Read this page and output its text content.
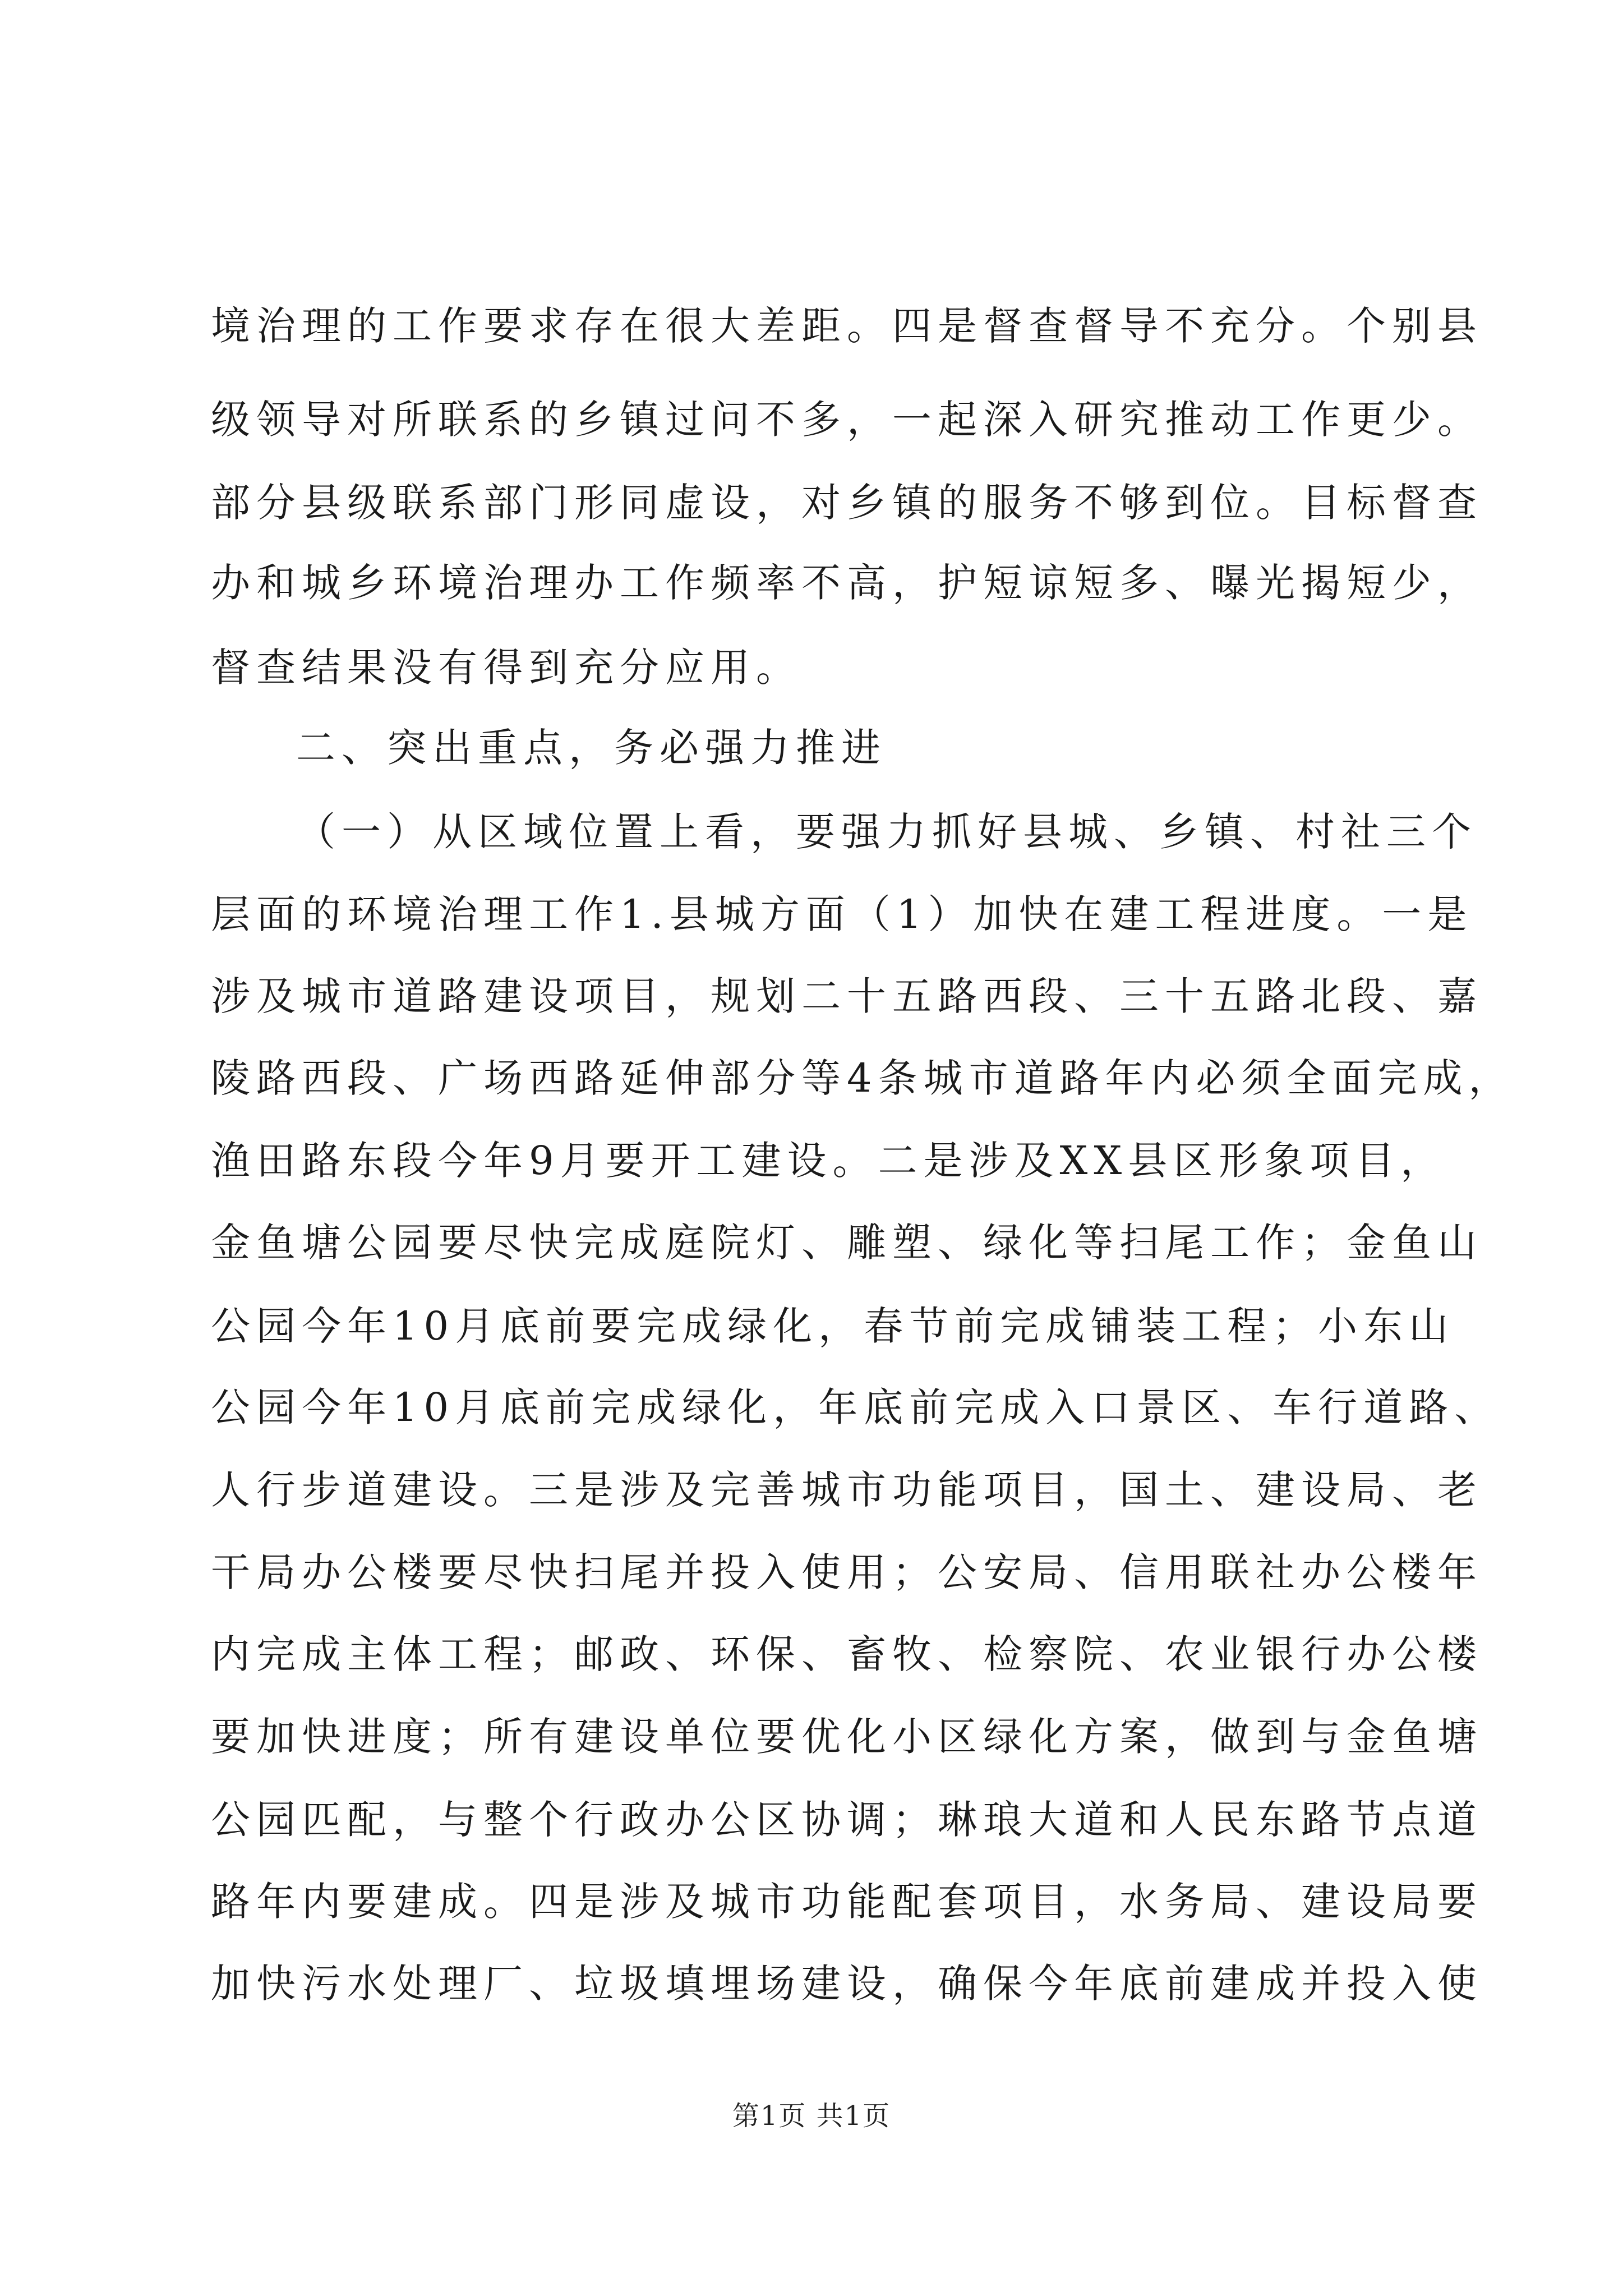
境治理的工作要求存在很大差距。四是督查督导不充分。个别县
级领导对所联系的乡镇过问不多，一起深入研究推动工作更少。
部分县级联系部门形同虚设，对乡镇的服务不够到位。目标督查
办和城乡环境治理办工作频率不高，护短谅短多、曝光揭短少，
督查结果没有得到充分应用。
二、突出重点，务必强力推进
（一）从区域位置上看，要强力抓好县城、乡镇、村社三个
层面的环境治理工作1.县城方面（1）加快在建工程进度。一是
涉及城市道路建设项目，规划二十五路西段、三十五路北段、嘉
陵路西段、广场西路延伸部分等4条城市道路年内必须全面完成，
渔田路东段今年9月要开工建设。二是涉及XX县区形象项目，
金鱼塘公园要尽快完成庭院灯、雕塑、绿化等扫尾工作；金鱼山
公园今年10月底前要完成绿化，春节前完成铺装工程；小东山
公园今年10月底前完成绿化，年底前完成入口景区、车行道路、
人行步道建设。三是涉及完善城市功能项目，国土、建设局、老
干局办公楼要尽快扫尾并投入使用；公安局、信用联社办公楼年
内完成主体工程；邮政、环保、畜牧、检察院、农业银行办公楼
要加快进度；所有建设单位要优化小区绿化方案，做到与金鱼塘
公园匹配，与整个行政办公区协调；琳琅大道和人民东路节点道
路年内要建成。四是涉及城市功能配套项目，水务局、建设局要
加快污水处理厂、垃圾填埋场建设，确保今年底前建成并投入使
第1页 共1页
